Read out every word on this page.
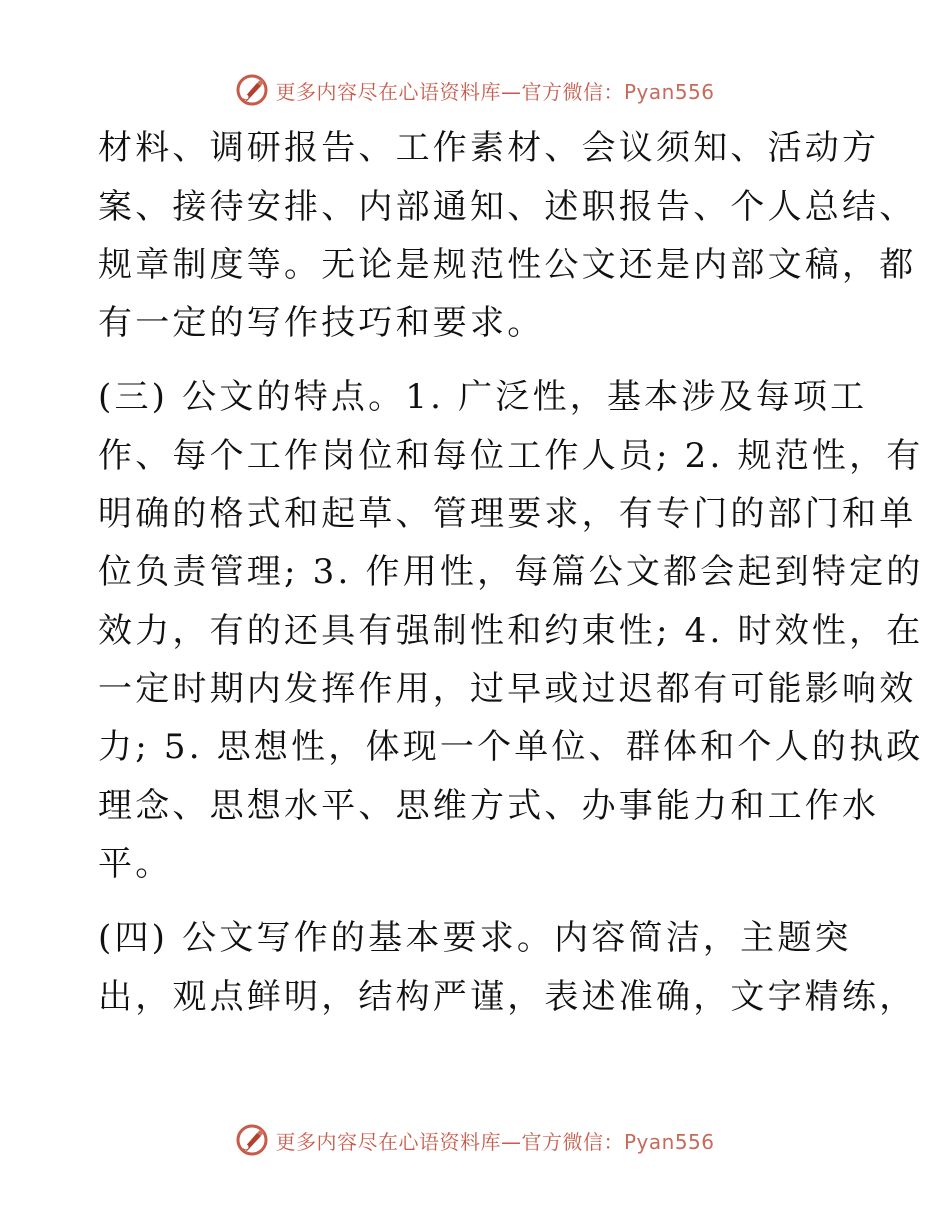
更多内容尽在心语资料库—官方微信：Pyan556
材料、调研报告、工作素材、会议须知、活动方
案、接待安排、内部通知、述职报告、个人总结、
规章制度等。无论是规范性公文还是内部文稿，都
有一定的写作技巧和要求。
(三) 公文的特点。1. 广泛性，基本涉及每项工
作、每个工作岗位和每位工作人员; 2. 规范性，有
明确的格式和起草、管理要求，有专门的部门和单
位负责管理; 3. 作用性，每篇公文都会起到特定的
效力，有的还具有强制性和约束性; 4. 时效性，在
一定时期内发挥作用，过早或过迟都有可能影响效
力; 5. 思想性，体现一个单位、群体和个人的执政
理念、思想水平、思维方式、办事能力和工作水
平。
(四) 公文写作的基本要求。内容简洁，主题突
出，观点鲜明，结构严谨，表述准确，文字精练，
更多内容尽在心语资料库—官方微信：Pyan556
